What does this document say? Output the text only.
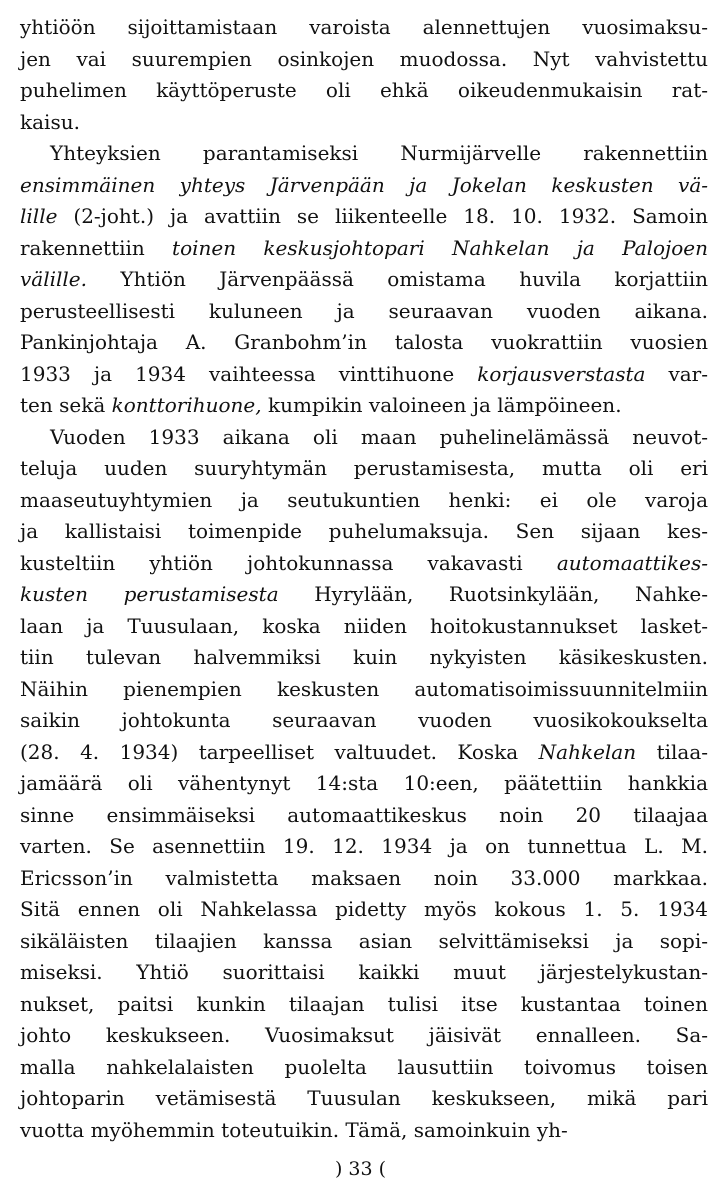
yhtiöön sijoittamistaan varoista alennettujen vuosimaksu-
jen vai suurempien osinkojen muodossa. Nyt vahvistettu
puhelimen käyttöperuste oli ehkä oikeudenmukaisin rat-
kaisu.
Yhteyksien parantamiseksi Nurmijärvelle rakennettiin
ensimmäinen yhteys Järvenpään ja Jokelan keskusten vä-
lille (2-joht.) ja avattiin se liikenteelle 18. 10. 1932. Samoin
rakennettiin toinen keskusjohtopari Nahkelan ja Palojoen
välille. Yhtiön Järvenpäässä omistama huvila korjattiin
perusteellisesti kuluneen ja seuraavan vuoden aikana.
Pankinjohtaja A. Granbohm’in talosta vuokrattiin vuosien
1933 ja 1934 vaihteessa vinttihuone korjausverstasta var-
ten sekä konttorihuone, kumpikin valoineen ja lämpöineen.
Vuoden 1933 aikana oli maan puhelinelämässä neuvot-
teluja uuden suuryhtymän perustamisesta, mutta oli eri
maaseutuyhtymien ja seutukuntien henki: ei ole varoja
ja kallistaisi toimenpide puhelumaksuja. Sen sijaan kes-
kusteltiin yhtiön johtokunnassa vakavasti automaattikes-
kusten perustamisesta Hyrylään, Ruotsinkylään, Nahke-
laan ja Tuusulaan, koska niiden hoitokustannukset lasket-
tiin tulevan halvemmiksi kuin nykyisten käsikeskusten.
Näihin pienempien keskusten automatisoimissuunnitelmiin
saikin johtokunta seuraavan vuoden vuosikokoukselta
(28. 4. 1934) tarpeelliset valtuudet. Koska Nahkelan tilaa-
jamäärä oli vähentynyt 14:sta 10:een, päätettiin hankkia
sinne ensimmäiseksi automaattikeskus noin 20 tilaajaa
varten. Se asennettiin 19. 12. 1934 ja on tunnettua L. M.
Ericsson’in valmistetta maksaen noin 33.000 markkaa.
Sitä ennen oli Nahkelassa pidetty myös kokous 1. 5. 1934
sikäläisten tilaajien kanssa asian selvittämiseksi ja sopi-
miseksi. Yhtiö suorittaisi kaikki muut järjestelykustan-
nukset, paitsi kunkin tilaajan tulisi itse kustantaa toinen
johto keskukseen. Vuosimaksut jäisivät ennalleen. Sa-
malla nahkelalaisten puolelta lausuttiin toivomus toisen
johtoparin vetämisestä Tuusulan keskukseen, mikä pari
vuotta myöhemmin toteutuikin. Tämä, samoinkuin yh-
) 33 (
